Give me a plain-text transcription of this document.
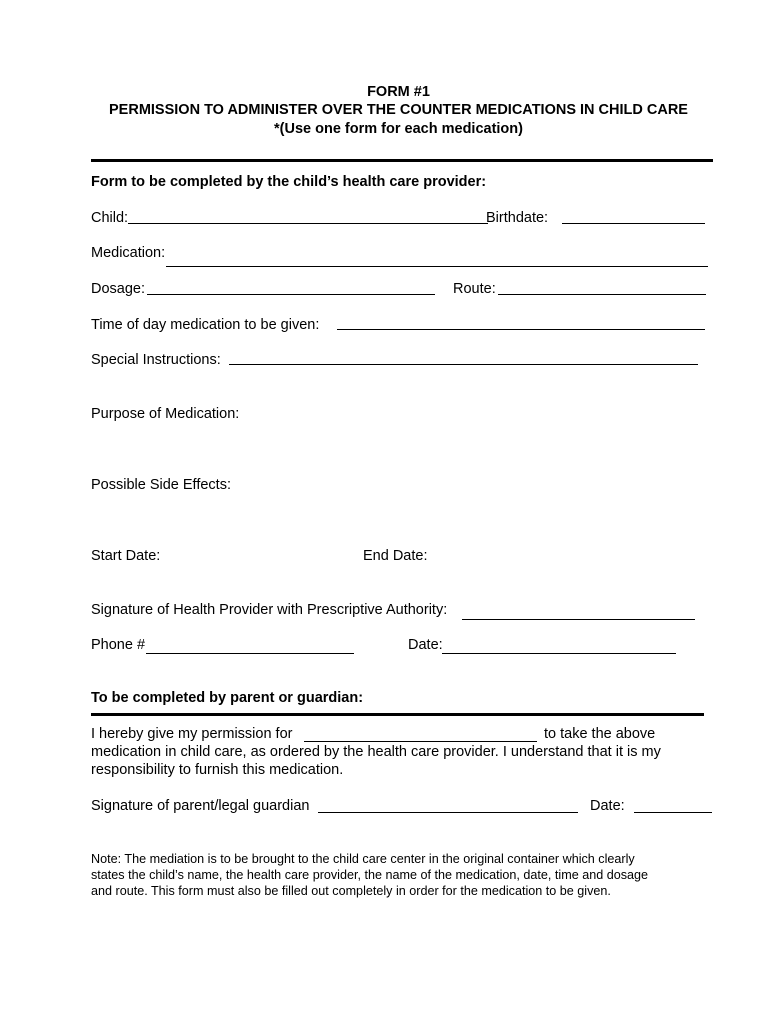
FORM #1
PERMISSION TO ADMINISTER OVER THE COUNTER MEDICATIONS IN CHILD CARE
*(Use one form for each medication)
Form to be completed by the child’s health care provider:
Child:	Birthdate:
Medication:
Dosage:	Route:
Time of day medication to be given:
Special Instructions:
Purpose of Medication:
Possible Side Effects:
Start Date:	End Date:
Signature of Health Provider with Prescriptive Authority:
Phone #	Date:
To be completed by parent or guardian:
I hereby give my permission for	to take the above
medication in child care, as ordered by the health care provider. I understand that it is my
responsibility to furnish this medication.
Signature of parent/legal guardian	Date:
Note: The mediation is to be brought to the child care center in the original container which clearly
states the child’s name, the health care provider, the name of the medication, date, time and dosage
and route. This form must also be filled out completely in order for the medication to be given.
